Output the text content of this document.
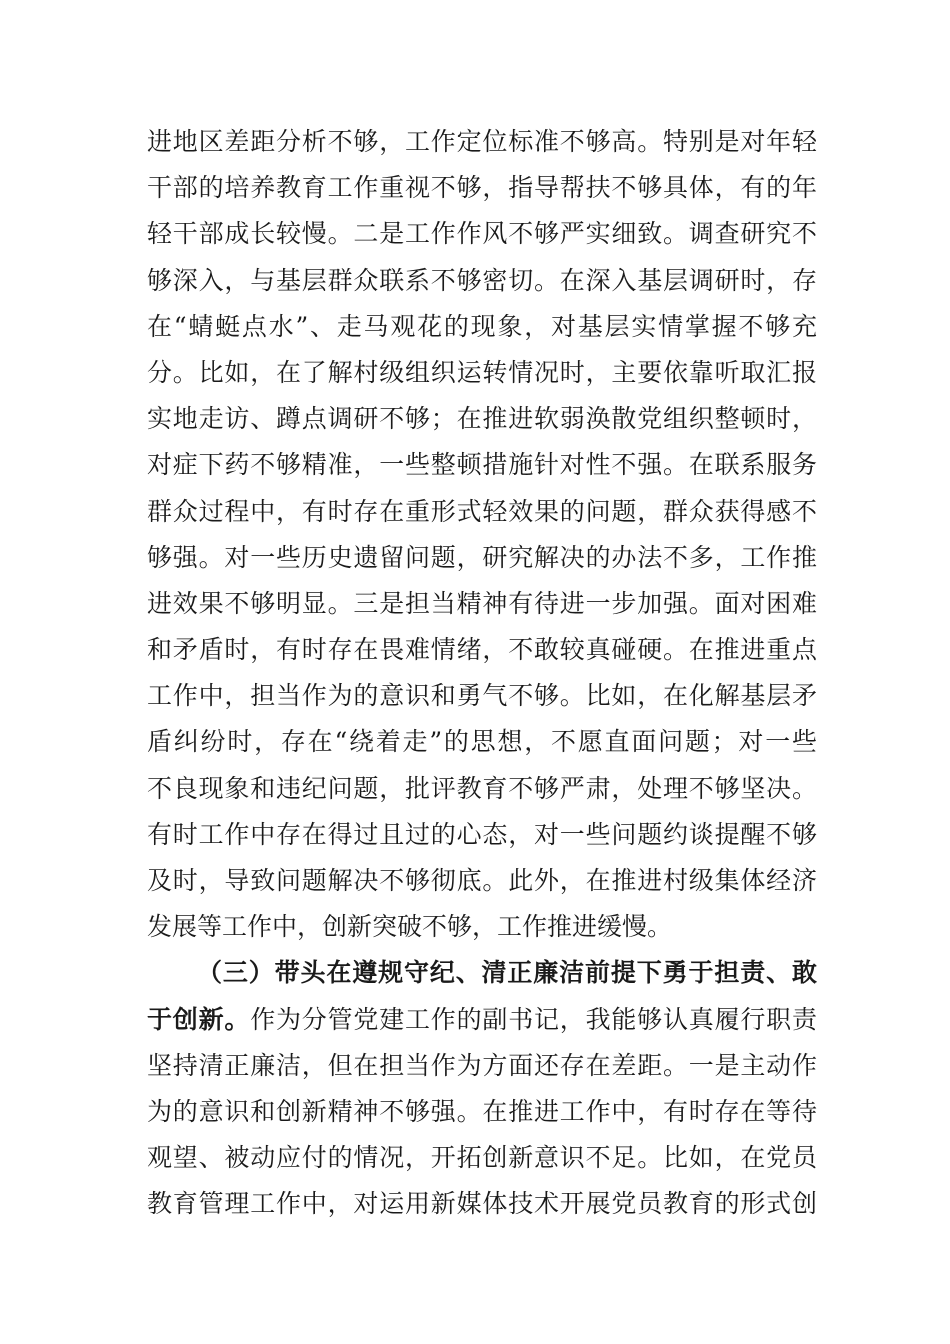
进地区差距分析不够，工作定位标准不够高。特别是对年轻
干部的培养教育工作重视不够，指导帮扶不够具体，有的年
轻干部成长较慢。二是工作作风不够严实细致。调查研究不
够深入，与基层群众联系不够密切。在深入基层调研时，存
在“蜻蜓点水”、走马观花的现象，对基层实情掌握不够充
分。比如，在了解村级组织运转情况时，主要依靠听取汇报
实地走访、蹲点调研不够；在推进软弱涣散党组织整顿时，
对症下药不够精准，一些整顿措施针对性不强。在联系服务
群众过程中，有时存在重形式轻效果的问题，群众获得感不
够强。对一些历史遗留问题，研究解决的办法不多，工作推
进效果不够明显。三是担当精神有待进一步加强。面对困难
和矛盾时，有时存在畏难情绪，不敢较真碰硬。在推进重点
工作中，担当作为的意识和勇气不够。比如，在化解基层矛
盾纠纷时，存在“绕着走”的思想，不愿直面问题；对一些
不良现象和违纪问题，批评教育不够严肃，处理不够坚决。
有时工作中存在得过且过的心态，对一些问题约谈提醒不够
及时，导致问题解决不够彻底。此外，在推进村级集体经济
发展等工作中，创新突破不够，工作推进缓慢。
（三）带头在遵规守纪、清正廉洁前提下勇于担责、敢
于创新。作为分管党建工作的副书记，我能够认真履行职责
坚持清正廉洁，但在担当作为方面还存在差距。一是主动作
为的意识和创新精神不够强。在推进工作中，有时存在等待
观望、被动应付的情况，开拓创新意识不足。比如，在党员
教育管理工作中，对运用新媒体技术开展党员教育的形式创
